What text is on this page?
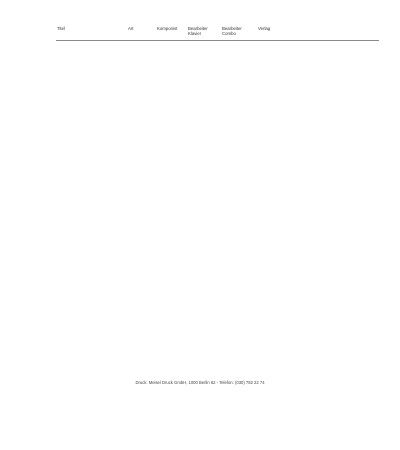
Titel	Art	Komponist Bearbeiter Klavier
Bearbeiter Combo
Verlag
Druck: Meisel Druck GmbH, 1000 Berlin 62 - Telefon: (030) 782 22 74
